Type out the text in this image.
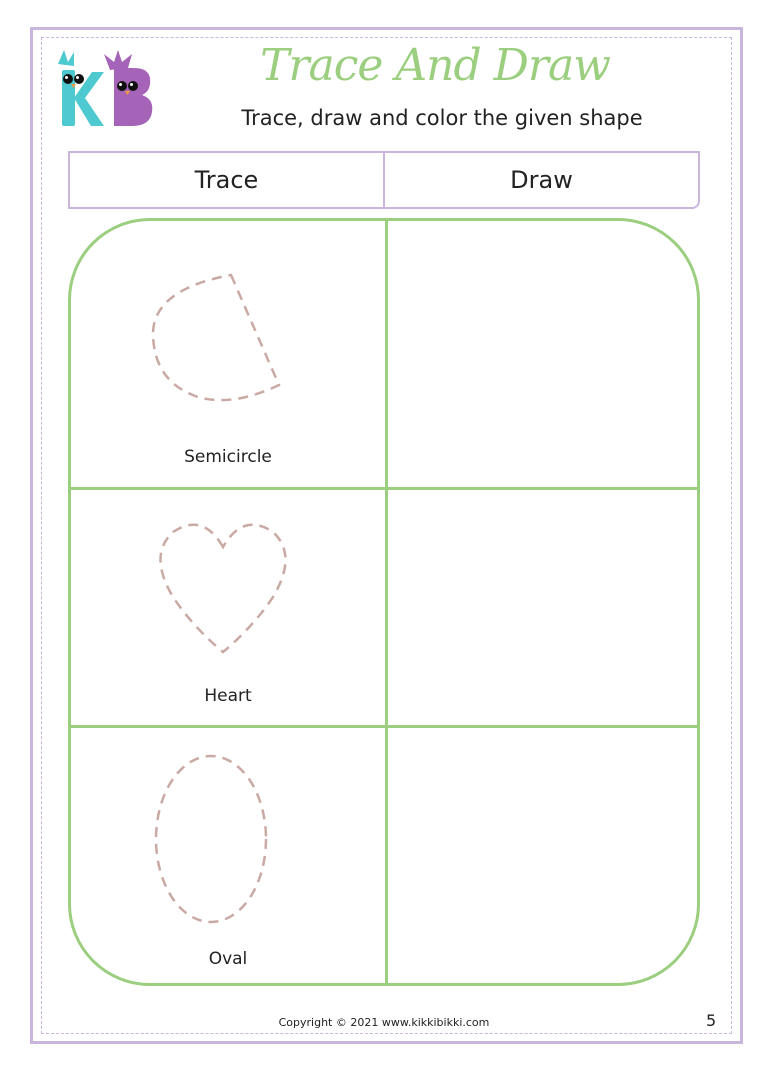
Trace And Draw
Trace, draw and color the given shape
Trace	Draw
Semicircle
Heart
Oval
Copyright © 2021 www.kikkibikki.com	5
